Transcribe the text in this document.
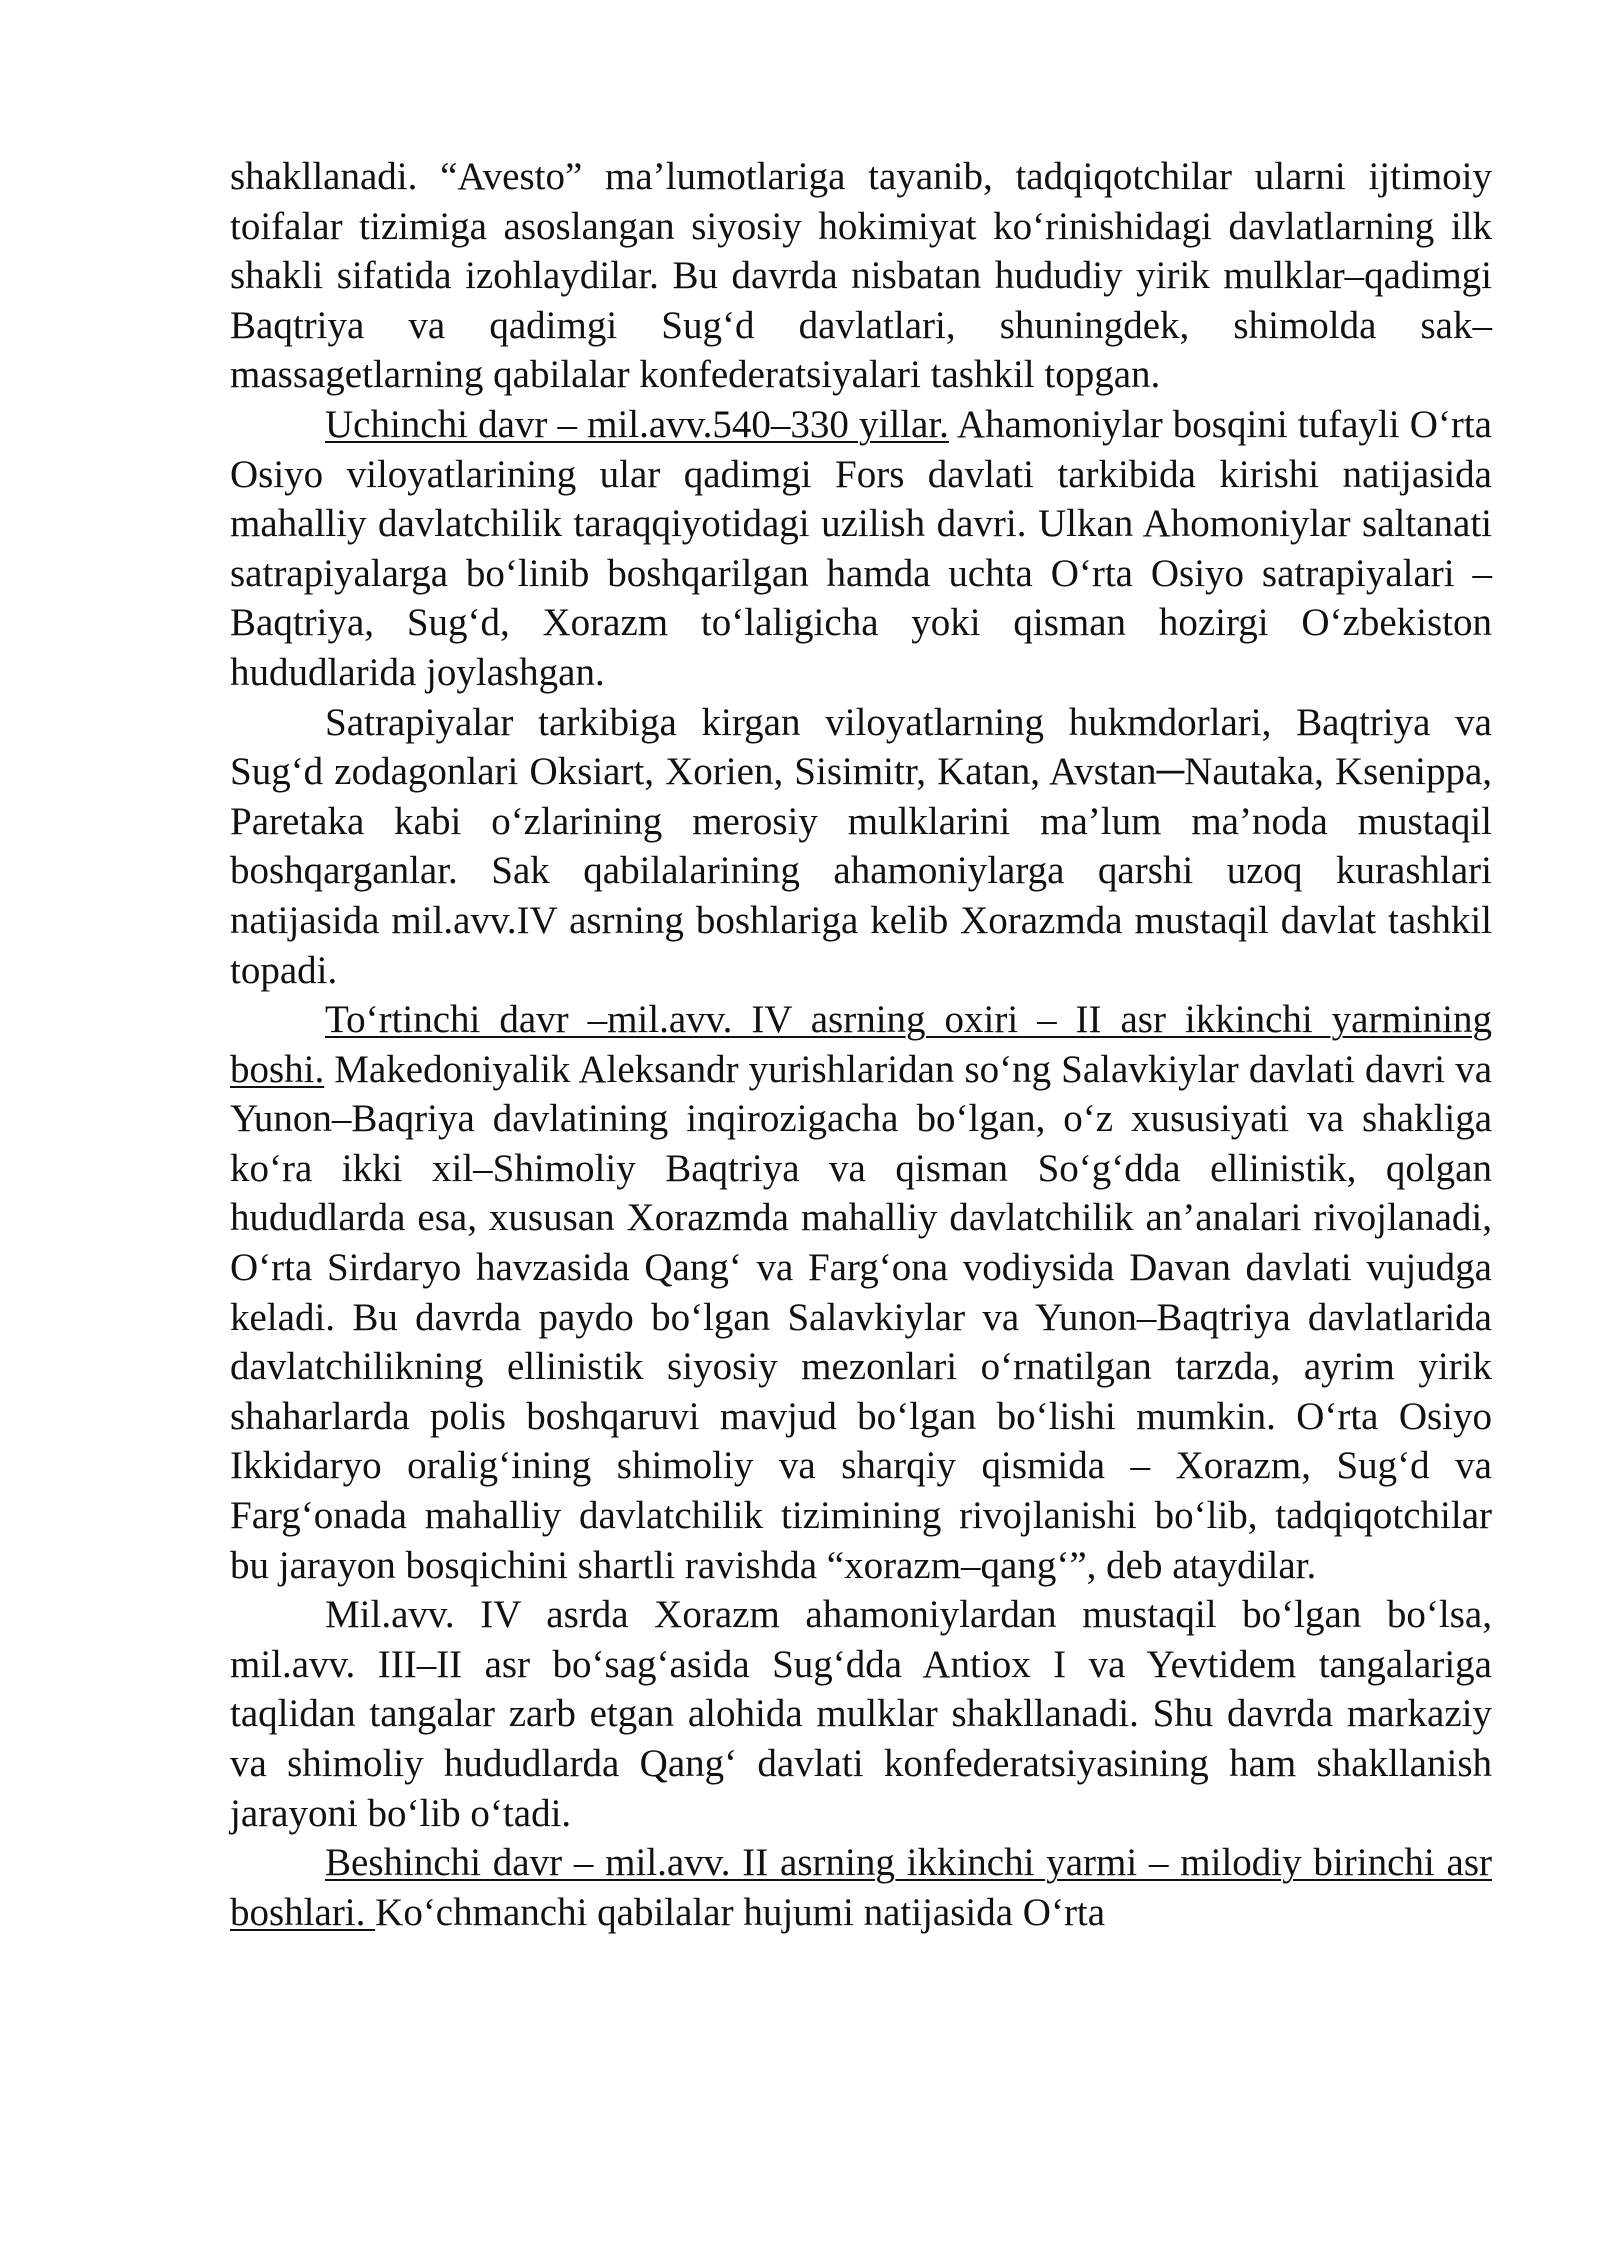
shakllanadi. “Avesto” ma’lumotlariga tayanib, tadqiqotchilar ularni ijtimoiy toifalar tizimiga asoslangan siyosiy hokimiyat ko‘rinishidagi davlatlarning ilk shakli sifatida izohlaydilar. Bu davrda nisbatan hududiy yirik mulklar–qadimgi Baqtriya va qadimgi Sug‘d davlatlari, shuningdek, shimolda sak–massagetlarning qabilalar konfederatsiyalari tashkil topgan.

Uchinchi davr – mil.avv.540–330 yillar. Ahamoniylar bosqini tufayli O‘rta Osiyo viloyatlarining ular qadimgi Fors davlati tarkibida kirishi natijasida mahalliy davlatchilik taraqqiyotidagi uzilish davri. Ulkan Ahomoniylar saltanati satrapiyalarga bo‘linib boshqarilgan hamda uchta O‘rta Osiyo satrapiyalari – Baqtriya, Sug‘d, Xorazm to‘laligicha yoki qisman hozirgi O‘zbekiston hududlarida joylashgan.

Satrapiyalar tarkibiga kirgan viloyatlarning hukmdorlari, Baqtriya va Sug‘d zodagonlari Oksiart, Xorien, Sisimitr, Katan, Avstan─Nautaka, Ksenippa, Paretaka kabi o‘zlarining merosiy mulklarini ma’lum ma’noda mustaqil boshqarganlar. Sak qabilalarining ahamoniylarga qarshi uzoq kurashlari natijasida mil.avv.IV asrning boshlariga kelib Xorazmda mustaqil davlat tashkil topadi.

To‘rtinchi davr –mil.avv. IV asrning oxiri – II asr ikkinchi yarmining boshi. Makedoniyalik Aleksandr yurishlaridan so‘ng Salavkiylar davlati davri va Yunon–Baqriya davlatining inqirozigacha bo‘lgan, o‘z xususiyati va shakliga ko‘ra ikki xil–Shimoliy Baqtriya va qisman So‘g‘dda ellinistik, qolgan hududlarda esa, xususan Xorazmda mahalliy davlatchilik an’analari rivojlanadi, O‘rta Sirdaryo havzasida Qang‘ va Farg‘ona vodiysida Davan davlati vujudga keladi. Bu davrda paydo bo‘lgan Salavkiylar va Yunon–Baqtriya davlatlarida davlatchilikning ellinistik siyosiy mezonlari o‘rnatilgan tarzda, ayrim yirik shaharlarda polis boshqaruvi mavjud bo‘lgan bo‘lishi mumkin. O‘rta Osiyo Ikkidaryo oralig‘ining shimoliy va sharqiy qismida – Xorazm, Sug‘d va Farg‘onada mahalliy davlatchilik tizimining rivojlanishi bo‘lib, tadqiqotchilar bu jarayon bosqichini shartli ravishda “xorazm–qang‘”, deb ataydilar.

Mil.avv. IV asrda Xorazm ahamoniylardan mustaqil bo‘lgan bo‘lsa, mil.avv. III–II asr bo‘sag‘asida Sug‘dda Antiox I va Yevtidem tangalariga taqlidan tangalar zarb etgan alohida mulklar shakllanadi. Shu davrda markaziy va shimoliy hududlarda Qang‘ davlati konfederatsiyasining ham shakllanish jarayoni bo‘lib o‘tadi.

Beshinchi davr – mil.avv. II asrning ikkinchi yarmi – milodiy birinchi asr boshlari. Ko‘chmanchi qabilalar hujumi natijasida O‘rta
